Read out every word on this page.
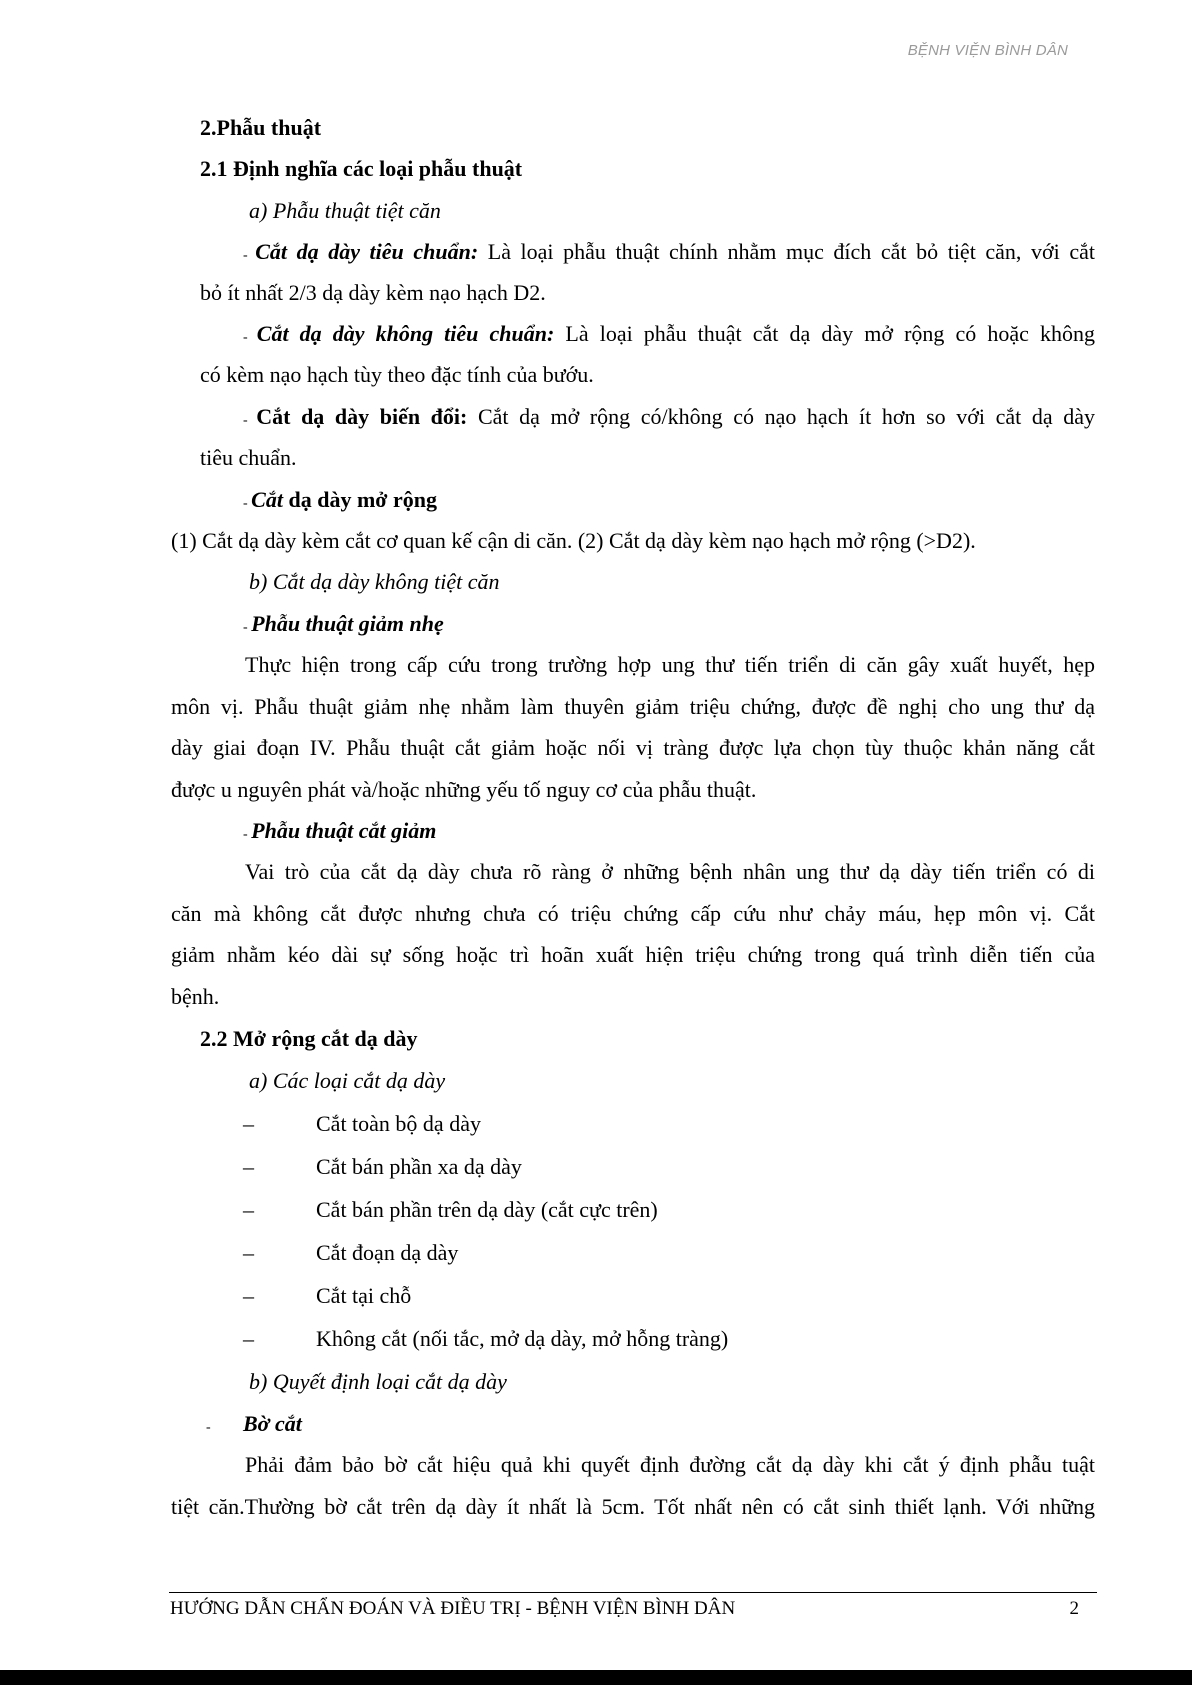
BỆNH VIỆN BÌNH DÂN
2.Phẫu thuật
2.1 Định nghĩa các loại phẫu thuật
a) Phẫu thuật tiệt căn
- Cắt dạ dày tiêu chuẩn: Là loại phẫu thuật chính nhằm mục đích cắt bỏ tiệt căn, với cắt
bỏ ít nhất 2/3 dạ dày kèm nạo hạch D2.
- Cắt dạ dày không tiêu chuẩn: Là loại phẫu thuật cắt dạ dày mở rộng có hoặc không
có kèm nạo hạch tùy theo đặc tính của bướu.
- Cắt dạ dày biến đổi: Cắt dạ mở rộng có/không có nạo hạch ít hơn so với cắt dạ dày
tiêu chuẩn.
- Cắt dạ dày mở rộng
(1) Cắt dạ dày kèm cắt cơ quan kế cận di căn. (2) Cắt dạ dày kèm nạo hạch mở rộng (>D2).
b) Cắt dạ dày không tiệt căn
- Phẫu thuật giảm nhẹ
Thực hiện trong cấp cứu trong trường hợp ung thư tiến triển di căn gây xuất huyết, hẹp
môn vị. Phẫu thuật giảm nhẹ nhằm làm thuyên giảm triệu chứng, được đề nghị cho ung thư dạ
dày giai đoạn IV. Phẫu thuật cắt giảm hoặc nối vị tràng được lựa chọn tùy thuộc khản năng cắt
được u nguyên phát và/hoặc những yếu tố nguy cơ của phẫu thuật.
- Phẫu thuật cắt giảm
Vai trò của cắt dạ dày chưa rõ ràng ở những bệnh nhân ung thư dạ dày tiến triển có di
căn mà không cắt được nhưng chưa có triệu chứng cấp cứu như chảy máu, hẹp môn vị. Cắt
giảm nhằm kéo dài sự sống hoặc trì hoãn xuất hiện triệu chứng trong quá trình diễn tiến của
bệnh.
2.2 Mở rộng cắt dạ dày
a) Các loại cắt dạ dày
–	Cắt toàn bộ dạ dày
–	Cắt bán phần xa dạ dày
–	Cắt bán phần trên dạ dày (cắt cực trên)
–	Cắt đoạn dạ dày
–	Cắt tại chỗ
–	Không cắt (nối tắc, mở dạ dày, mở hỗng tràng)
b) Quyết định loại cắt dạ dày
- Bờ cắt
Phải đảm bảo bờ cắt hiệu quả khi quyết định đường cắt dạ dày khi cắt ý định phẫu tuật
tiệt căn.Thường bờ cắt trên dạ dày ít nhất là 5cm. Tốt nhất nên có cắt sinh thiết lạnh. Với những
HƯỚNG DẪN CHẨN ĐOÁN VÀ ĐIỀU TRỊ - BỆNH VIỆN BÌNH DÂN	2
